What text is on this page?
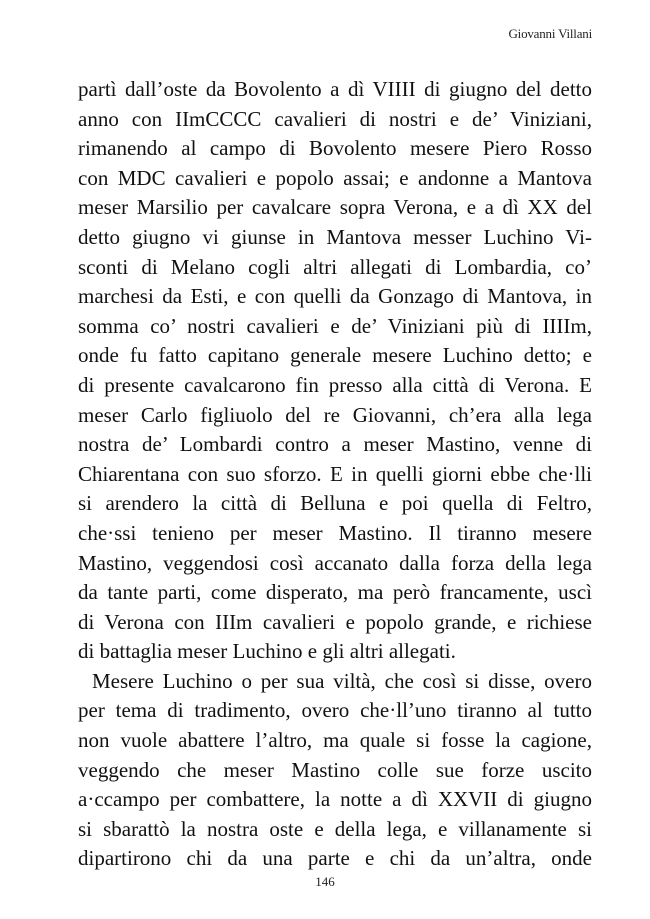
Giovanni Villani
partì dall’oste da Bovolento a dì VIIII di giugno del detto
anno con IImCCCC cavalieri di nostri e de’ Viniziani,
rimanendo al campo di Bovolento mesere Piero Rosso
con MDC cavalieri e popolo assai; e andonne a Mantova
meser Marsilio per cavalcare sopra Verona, e a dì XX del
detto giugno vi giunse in Mantova messer Luchino Vi-
sconti di Melano cogli altri allegati di Lombardia, co’
marchesi da Esti, e con quelli da Gonzago di Mantova, in
somma co’ nostri cavalieri e de’ Viniziani più di IIIIm,
onde fu fatto capitano generale mesere Luchino detto; e
di presente cavalcarono fin presso alla città di Verona. E
meser Carlo figliuolo del re Giovanni, ch’era alla lega
nostra de’ Lombardi contro a meser Mastino, venne di
Chiarentana con suo sforzo. E in quelli giorni ebbe che·lli
si arendero la città di Belluna e poi quella di Feltro,
che·ssi tenieno per meser Mastino. Il tiranno mesere
Mastino, veggendosi così accanato dalla forza della lega
da tante parti, come disperato, ma però francamente, uscì
di Verona con IIIm cavalieri e popolo grande, e richiese
di battaglia meser Luchino e gli altri allegati.
Mesere Luchino o per sua viltà, che così si disse, overo
per tema di tradimento, overo che·ll’uno tiranno al tutto
non vuole abattere l’altro, ma quale si fosse la cagione,
veggendo che meser Mastino colle sue forze uscito
a·ccampo per combattere, la notte a dì XXVII di giugno
si sbarattò la nostra oste e della lega, e villanamente si
dipartirono chi da una parte e chi da un’altra, onde
146
